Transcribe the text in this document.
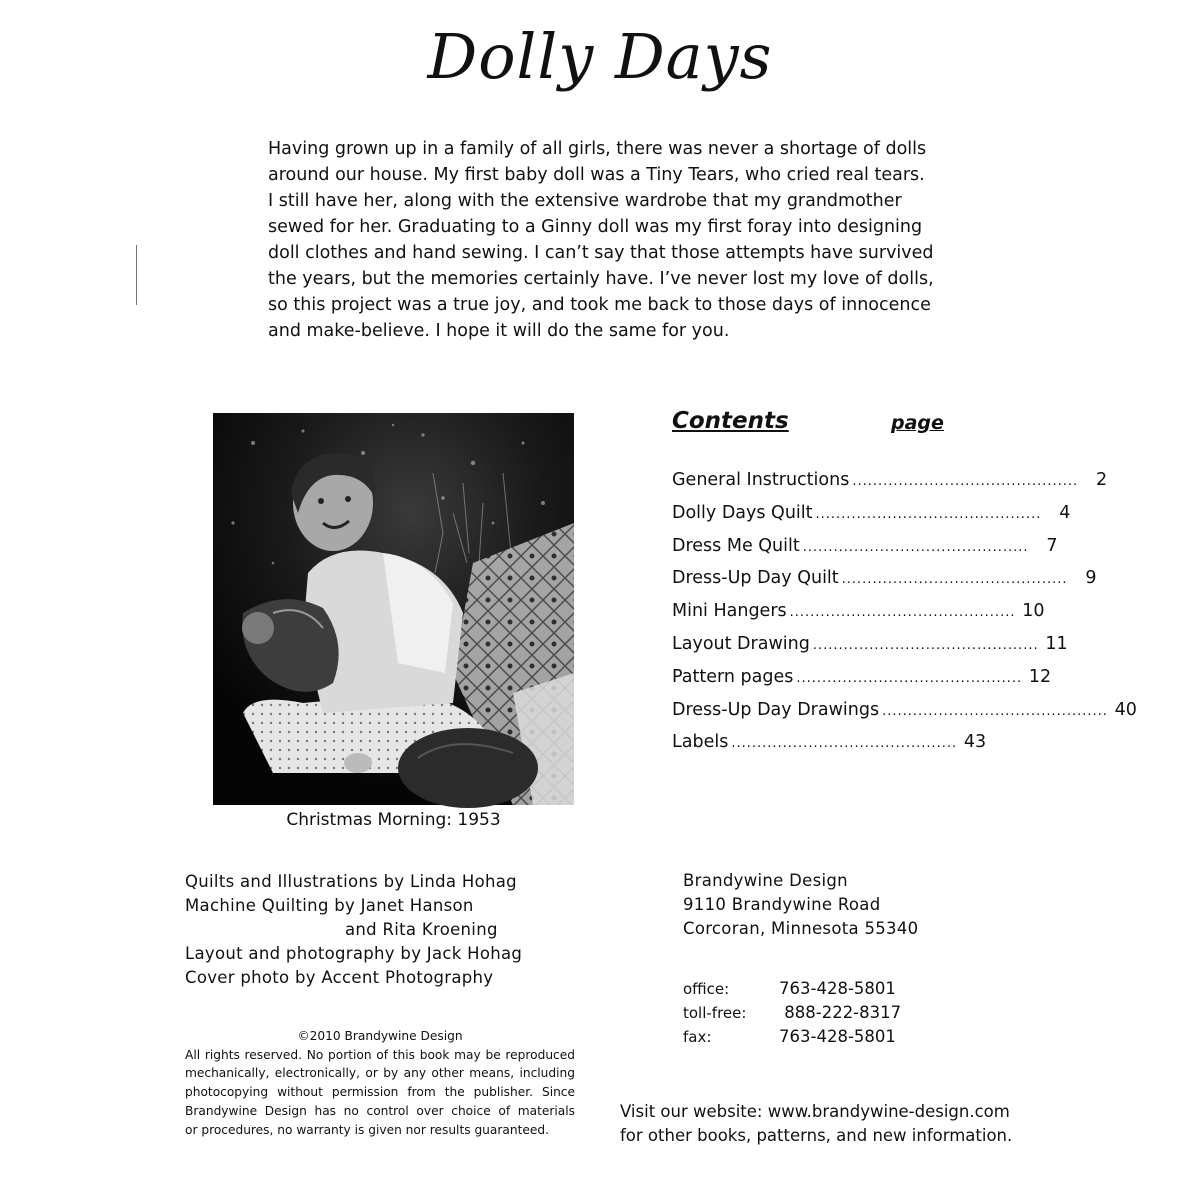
Dolly Days

Having grown up in a family of all girls, there was never a shortage of dolls

around our house. My first baby doll was a Tiny Tears, who cried real tears.

I still have her, along with the extensive wardrobe that my grandmother

sewed for her. Graduating to a Ginny doll was my first foray into designing

doll clothes and hand sewing. I can’t say that those attempts have survived

the years, but the memories certainly have. I’ve never lost my love of dolls,

so this project was a true joy, and took me back to those days of innocence

and make-believe. I hope it will do the same for you.

Christmas Morning: 1953
Contents	page
General Instructions ............................................	2
Dolly Days Quilt ............................................	4
Dress Me Quilt ............................................	7
Dress-Up Day Quilt ............................................	9
Mini Hangers ............................................ 10
Layout Drawing ............................................ 11
Pattern pages ............................................ 12
Dress-Up Day Drawings ............................................ 40
Labels ............................................ 43
Quilts and Illustrations by Linda Hohag
Machine Quilting by Janet Hanson
and Rita Kroening
Layout and photography by Jack Hohag
Cover photo by Accent Photography
©2010 Brandywine Design
All rights reserved. No portion of this book may be reproduced
mechanically, electronically, or by any other means, including
photocopying without permission from the publisher. Since
Brandywine Design has no control over choice of materials
or procedures, no warranty is given nor results guaranteed.
Brandywine Design
9110 Brandywine Road
Corcoran, Minnesota 55340
office:	763-428-5801
toll-free:	888-222-8317
fax:	763-428-5801
Visit our website: www.brandywine-design.com
for other books, patterns, and new information.
